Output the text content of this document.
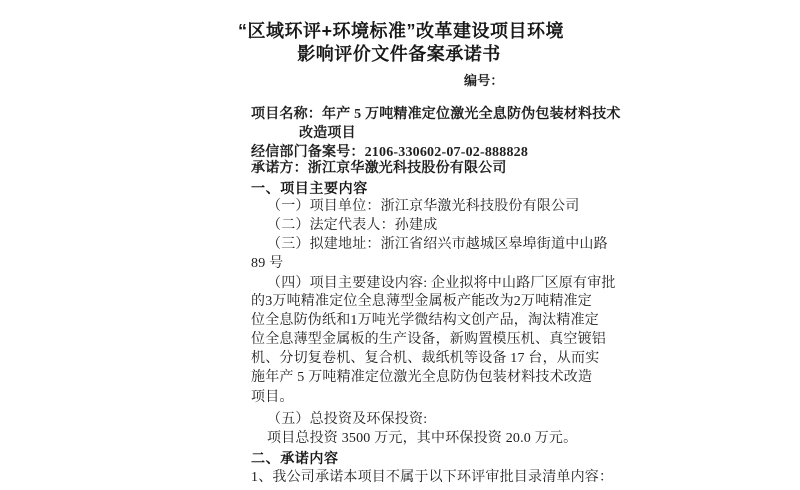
“区域环评+环境标准”改革建设项目环境
影响评价文件备案承诺书
编号：
项目名称：年产 5 万吨精准定位激光全息防伪包装材料技术
改造项目
经信部门备案号：2106-330602-07-02-888828
承诺方：浙江京华激光科技股份有限公司
一、项目主要内容
（一）项目单位：浙江京华激光科技股份有限公司
（二）法定代表人：孙建成
（三）拟建地址：浙江省绍兴市越城区皋埠街道中山路
89 号
（四）项目主要建设内容: 企业拟将中山路厂区原有审批
的3万吨精准定位全息薄型金属板产能改为2万吨精准定
位全息防伪纸和1万吨光学微结构文创产品，淘汰精准定
位全息薄型金属板的生产设备，新购置模压机、真空镀铝
机、分切复卷机、复合机、裁纸机等设备 17 台，从而实
施年产 5 万吨精准定位激光全息防伪包装材料技术改造
项目。
（五）总投资及环保投资:
项目总投资 3500 万元，其中环保投资 20.0 万元。
二、承诺内容
1、我公司承诺本项目不属于以下环评审批目录清单内容：
